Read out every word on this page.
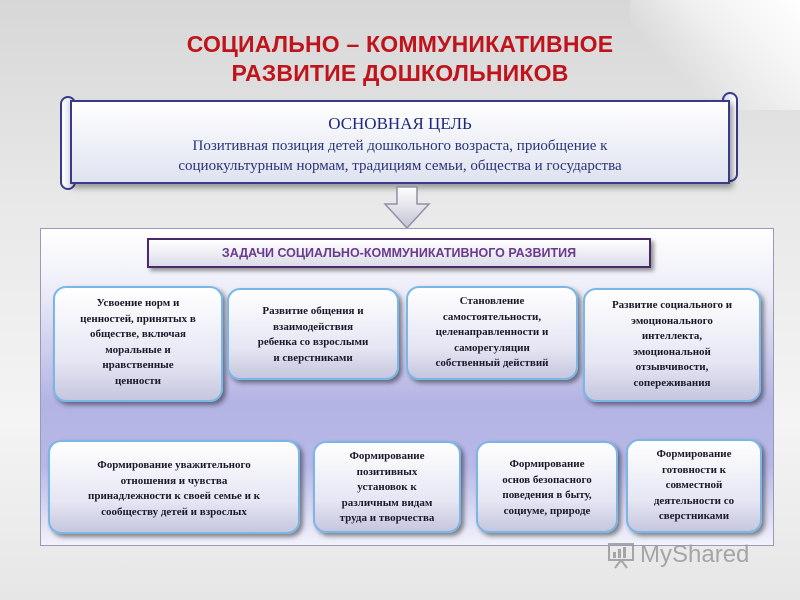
СОЦИАЛЬНО – КОММУНИКАТИВНОЕ
РАЗВИТИЕ ДОШКОЛЬНИКОВ
ОСНОВНАЯ ЦЕЛЬ
Позитивная позиция детей дошкольного возраста, приобщение к
социокультурным нормам, традициям семьи, общества и государства
ЗАДАЧИ СОЦИАЛЬНО-КОММУНИКАТИВНОГО РАЗВИТИЯ
Усвоение норм и
ценностей, принятых в
обществе, включая
моральные и
нравственные
ценности
Развитие общения и
взаимодействия
ребенка со взрослыми
и сверстниками
Становление
самостоятельности,
целенаправленности и
саморегуляции
собственный действий
Развитие социального и
эмоционального
интеллекта,
эмоциональной
отзывчивости,
сопереживания
Формирование уважительного
отношения и чувства
принадлежности к своей семье и к
сообществу детей и взрослых
Формирование
позитивных
установок к
различным видам
труда и творчества
Формирование
основ безопасного
поведения в быту,
социуме, природе
Формирование
готовности к
совместной
деятельности со
сверстниками
MyShared
